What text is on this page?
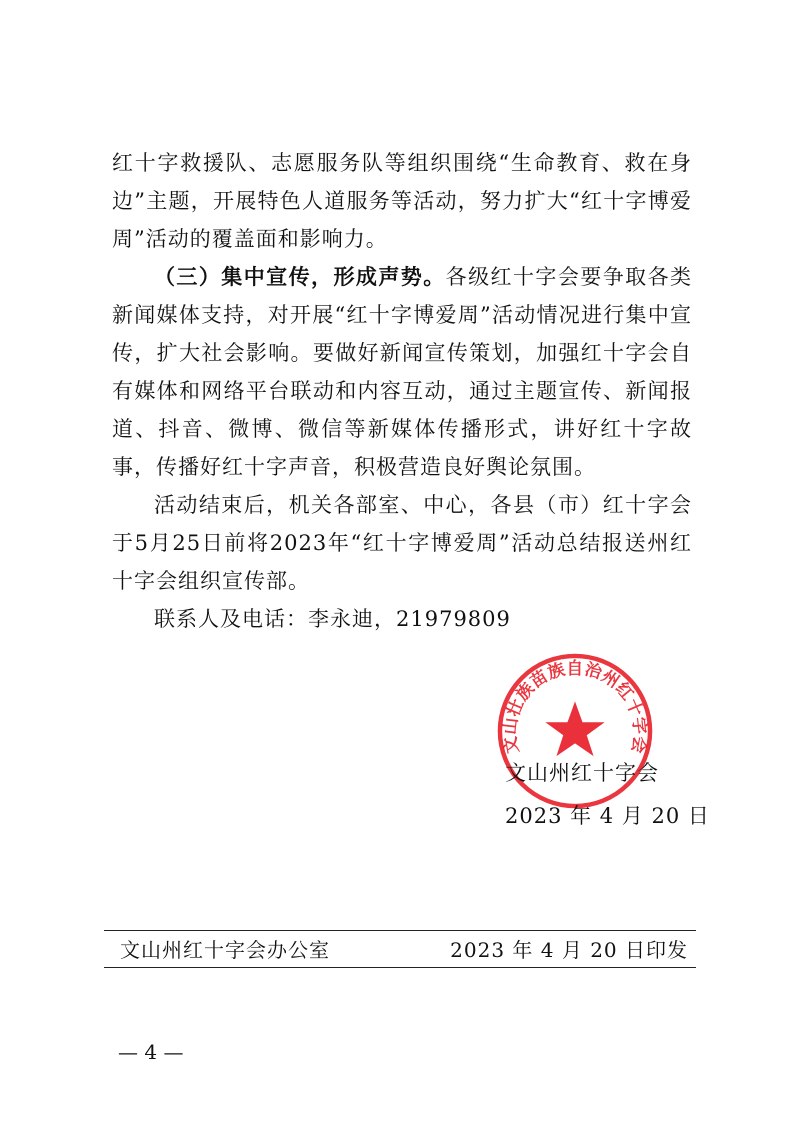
红十字救援队、志愿服务队等组织围绕“生命教育、救在身边”主题，开展特色人道服务等活动，努力扩大“红十字博爱周”活动的覆盖面和影响力。

（三）集中宣传，形成声势。各级红十字会要争取各类新闻媒体支持，对开展“红十字博爱周”活动情况进行集中宣传，扩大社会影响。要做好新闻宣传策划，加强红十字会自有媒体和网络平台联动和内容互动，通过主题宣传、新闻报道、抖音、微博、微信等新媒体传播形式，讲好红十字故事，传播好红十字声音，积极营造良好舆论氛围。

活动结束后，机关各部室、中心，各县（市）红十字会于5月25日前将2023年“红十字博爱周”活动总结报送州红十字会组织宣传部。

联系人及电话：李永迪，21979809

文山壮族苗族自治州红十字会
文山州红十字会
2023 年 4 月 20 日
文山州红十字会办公室	2023 年 4 月 20 日印发
— 4 —
